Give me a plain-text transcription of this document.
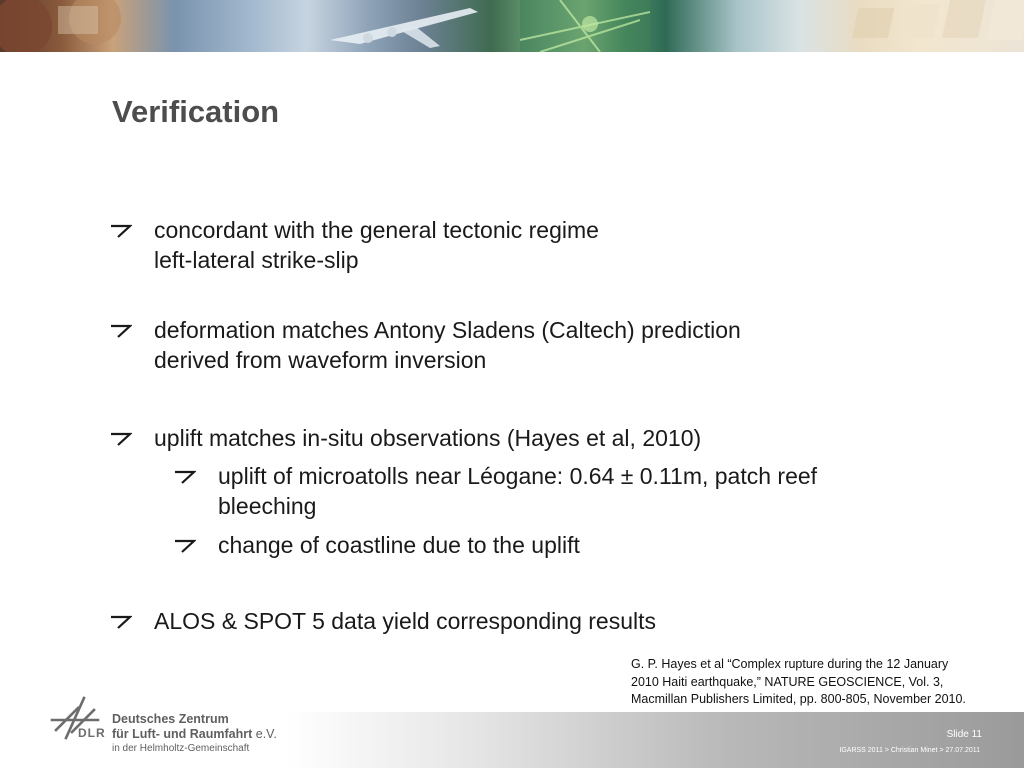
Verification
concordant with the general tectonic regime
left-lateral strike-slip
deformation matches Antony Sladens (Caltech) prediction
derived from waveform inversion
uplift matches in-situ observations (Hayes et al, 2010)
uplift of microatolls near Léogane: 0.64 ± 0.11m, patch reef
bleeching
change of coastline due to the uplift
ALOS & SPOT 5 data yield corresponding results
G. P. Hayes et al “Complex rupture during the 12 January
2010 Haiti earthquake,” NATURE GEOSCIENCE, Vol. 3,
Macmillan Publishers Limited, pp. 800-805, November 2010.
DLR
Deutsches Zentrum
für Luft- und Raumfahrt e.V.
in der Helmholtz-Gemeinschaft
Slide 11
IGARSS 2011 > Christian Minet > 27.07.2011
